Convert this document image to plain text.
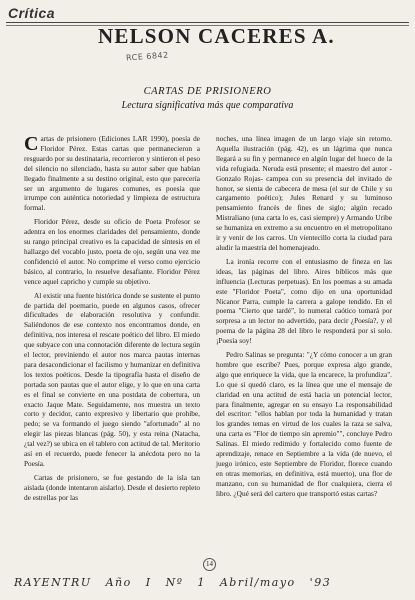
Crítica
NELSON CACERES A.
RCE 6842
CARTAS DE PRISIONERO
Lectura significativa más que comparativa

Cartas de prisionero (Ediciones LAR 1990), poesía de Floridor Pérez. Estas cartas que permanecieron a resguardo por su destinataria, recorrieron y sintieron el peso del silencio no silenciado, hasta su autor saber que habían llegado finalmente a su destino original, esto que parecería ser un argumento de lugares comunes, es poesía que irrumpe con auténtica notoriedad y limpieza de estructura formal.

Floridor Pérez, desde su oficio de Poeta Profesor se adentra en los enormes claridades del pensamiento, donde su rango principal creativo es la capacidad de síntesis en el hallazgo del vocablo justo, poeta de ojo, según una vez me confidenció el autor. No comprime el verso como ejercicio básico, al contrario, lo resuelve desafiante. Floridor Pérez vence aquel capricho y cumple su objetivo.

Al existir una fuente histórica donde se sustente el punto de partida del poemario, puede en algunos casos, ofrecer dificultades de elaboración resolutiva y confundir. Saliéndonos de ese contexto nos encontramos donde, en definitiva, nos interesa el rescate poético del libro. El miedo que subyace con una connotación diferente de lectura según el lector, previniendo el autor nos marca pautas internas para desacondicionar el facilismo y humanizar en definitiva los textos poéticos. Desde la tipografía hasta el diseño de portada son pautas que el autor elige, y lo que en una carta es el final se convierte en una postdata de cobertura, un exacto Jaque Mate. Seguidamente, nos muestra un texto corto y decidor, canto expresivo y libertario que prohíbe, pedo; se va formando el juego siendo "afortunado" al no elegir las piezas blancas (pág. 50), y esta reina (Natacha, ¿tal vez?) se ubica en el tablero con actitud de tal. Meritorio así en el recuerdo, puede fenecer la anécdota pero no la Poesía.

Cartas de prisionero, se fue gestando de la isla tan aislada (donde intentaron aislarlo). Desde el desierto repleto de estrellas por las

noches, una línea imagen de un largo viaje sin retorno. Aquella ilustración (pág. 42), es un lágrima que nunca llegará a su fin y permanece en algún lugar del hueco de la vida refugiada. Neruda está presente; el maestro del autor -Gonzalo Rojas- campea con su presencia del invitado de honor, se sienta de cabecera de mesa (el sur de Chile y su cargamento poético); Jules Renard y su luminoso pensamiento francés de fines de siglo; algún recado Mistraliano (una carta lo es, casi siempre) y Armando Uribe se humaniza en extremo a su encuentro en el metropolitano ir y venir de los carros. Un vientecillo corta la ciudad para aludir la maestría del homenajeado.

La ironía recorre con el entusiasmo de fineza en las ideas, las páginas del libro. Aires bíblicos más que influencia (Lecturas perpetuas). En los poemas a su amada este "Floridor Poeta", como dijo en una oportunidad Nicanor Parra, cumple la carrera a galope tendido. En el poema "Cierto que tardé", lo numeral caótico tomará por sorpresa a un lector no advertido, para decir ¿Poesía?, y el poema de la página 28 del libro le responderá por sí solo. ¡Poesía soy!

Pedro Salinas se pregunta: "¿Y cómo conocer a un gran hombre que escribe? Pues, porque expresa algo grande, algo que enriquece la vida, que la encarece, la profundiza". Lo que sí quedó claro, es la línea que une el mensaje de claridad en una actitud de está hacia un potencial lector, para finalmente, agregar en su ensayo La responsabilidad del escritor: "ellos hablan por toda la humanidad y tratan los grandes temas en virtud de los cuales la raza se salva, una carta es "Flor de tiempo sin apremio"", concluye Pedro Salinas. El miedo redimido y fortalecido como fuente de aprendizaje, renace en Septiembre a la vida (de nuevo, el juego irónico, este Septiembre de Floridor, florece cuando en otras memorias, en definitiva, está muerto), una flor de manzano, con su humanidad de flor cualquiera, cierra el libro. ¿Qué será del cartero que transportó estas cartas?

14
RAYENTRU Año I Nº 1 Abril/mayo '93
